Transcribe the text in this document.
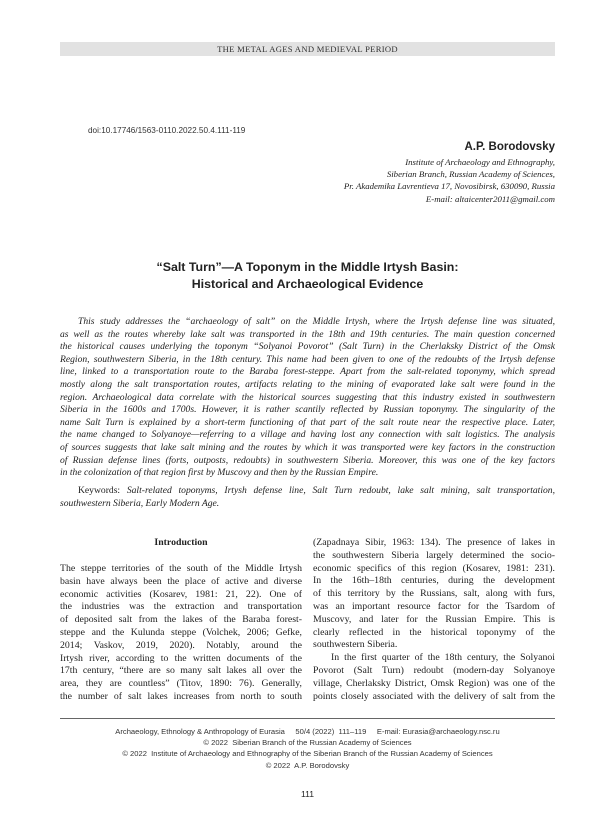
THE METAL AGES AND MEDIEVAL PERIOD
doi:10.17746/1563-0110.2022.50.4.111-119
A.P. Borodovsky
Institute of Archaeology and Ethnography,
Siberian Branch, Russian Academy of Sciences,
Pr. Akademika Lavrentieva 17, Novosibirsk, 630090, Russia
E-mail: altaicenter2011@gmail.com
“Salt Turn”—A Toponym in the Middle Irtysh Basin:
Historical and Archaeological Evidence
This study addresses the “archaeology of salt” on the Middle Irtysh, where the Irtysh defense line was situated,
as well as the routes whereby lake salt was transported in the 18th and 19th centuries. The main question concerned
the historical causes underlying the toponym “Solyanoi Povorot” (Salt Turn) in the Cherlaksky District of the Omsk
Region, southwestern Siberia, in the 18th century. This name had been given to one of the redoubts of the Irtysh defense
line, linked to a transportation route to the Baraba forest-steppe. Apart from the salt-related toponymy, which spread
mostly along the salt transportation routes, artifacts relating to the mining of evaporated lake salt were found in the
region. Archaeological data correlate with the historical sources suggesting that this industry existed in southwestern
Siberia in the 1600s and 1700s. However, it is rather scantily reflected by Russian toponymy. The singularity of the
name Salt Turn is explained by a short-term functioning of that part of the salt route near the respective place. Later,
the name changed to Solyanoye—referring to a village and having lost any connection with salt logistics. The analysis
of sources suggests that lake salt mining and the routes by which it was transported were key factors in the construction
of Russian defense lines (forts, outposts, redoubts) in southwestern Siberia. Moreover, this was one of the key factors
in the colonization of that region first by Muscovy and then by the Russian Empire.
Keywords: Salt-related toponyms, Irtysh defense line, Salt Turn redoubt, lake salt mining, salt transportation,
southwestern Siberia, Early Modern Age.
Introduction
The steppe territories of the south of the Middle Irtysh
basin have always been the place of active and diverse
economic activities (Kosarev, 1981: 21, 22). One of
the industries was the extraction and transportation
of deposited salt from the lakes of the Baraba forest-
steppe and the Kulunda steppe (Volchek, 2006; Gefke,
2014; Vaskov, 2019, 2020). Notably, around the
Irtysh river, according to the written documents of the
17th century, “there are so many salt lakes all over the
area, they are countless” (Titov, 1890: 76). Generally,
the number of salt lakes increases from north to south
(Zapadnaya Sibir, 1963: 134). The presence of lakes in
the southwestern Siberia largely determined the socio-
economic specifics of this region (Kosarev, 1981: 231).
In the 16th–18th centuries, during the development
of this territory by the Russians, salt, along with furs,
was an important resource factor for the Tsardom of
Muscovy, and later for the Russian Empire. This is
clearly reflected in the historical toponymy of the
southwestern Siberia.
In the first quarter of the 18th century, the Solyanoi
Povorot (Salt Turn) redoubt (modern-day Solyanoye
village, Cherlaksky District, Omsk Region) was one of the
points closely associated with the delivery of salt from the
Archaeology, Ethnology & Anthropology of Eurasia     50/4 (2022)  111–119     E-mail: Eurasia@archaeology.nsc.ru
© 2022  Siberian Branch of the Russian Academy of Sciences
© 2022  Institute of Archaeology and Ethnography of the Siberian Branch of the Russian Academy of Sciences
© 2022  A.P. Borodovsky
111
